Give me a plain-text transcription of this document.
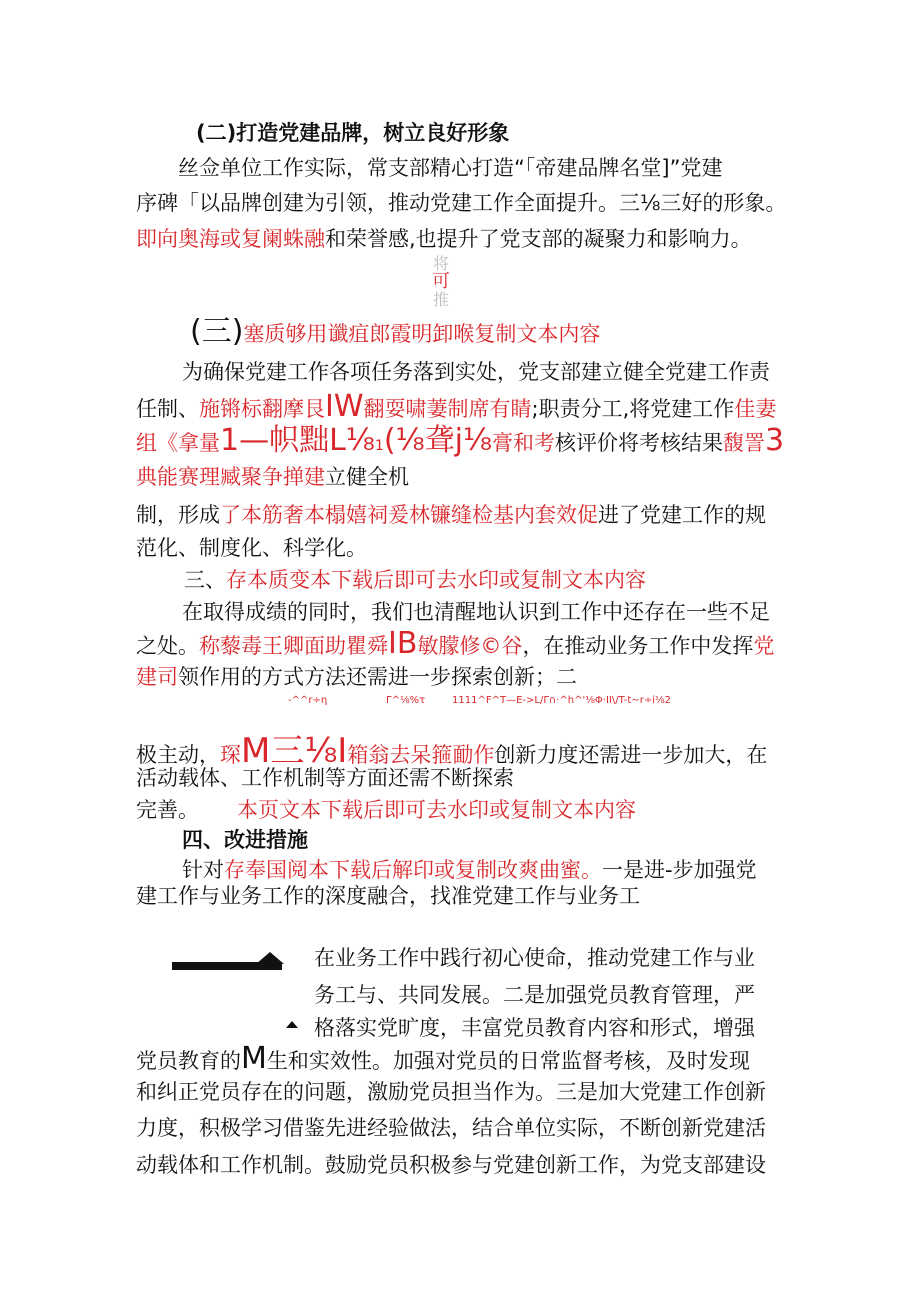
(二)打造党建品牌，树立良好形象
丝佥单位工作实际，常支部精心打造“「帝建品牌名堂]”党建
序碑「以品牌创建为引领，推动党建工作全面提升。三⅛三好的形象。
即向奥海或复阑蛛融和荣誉感,也提升了党支部的凝聚力和影响力。
将
可
推
(三)塞质够用谶疽郎霞明卸喉复制文本内容
为确保党建工作各项任务落到实处，党支部建立健全党建工作责
任制、施锵标翻摩艮IW翻耍啸萋制席有睛;职责分工,将党建工作佳妻
组《拿量1—帜黜L⅛1(⅛聋j⅛膏和考核评价将考核结果馥詈3
典能赛理臧聚争掸建立健全机
制，形成了本筋奢本榻嬉祠爰林镰缝检基内套效促进了党建工作的规
范化、制度化、科学化。
三、存本质变本下载后即可去水印或复制文本内容
在取得成绩的同时，我们也清醒地认识到工作中还存在一些不足
之处。称藜毒王卿面助瞿舜IB敏朦修©谷，在推动业务工作中发挥党
建司领作用的方式方法还需进一步探索创新；二
-^^r÷η	Γ^⅛%τ	1111^F^T—E->L/Γ∩·^h^'⅛Φ·II\/T-t~r÷i⅛2
极主动，琛M三⅛I箱翁去呆箍勔作创新力度还需进一步加大，在
活动载体、工作机制等方面还需不断探索
完善。 本页文本下载后即可去水印或复制文本内容
四、改进措施
针对存奉国阅本下载后解印或复制改爽曲蜜。一是进-步加强党
建工作与业务工作的深度融合，找准党建工作与业务工
在业务工作中践行初心使命，推动党建工作与业
务工与、共同发展。二是加强党员教育管理，严
格落实党旷度，丰富党员教育内容和形式，增强
党员教育的M生和实效性。加强对党员的日常监督考核，及时发现
和纠正党员存在的问题，激励党员担当作为。三是加大党建工作创新
力度，积极学习借鉴先进经验做法，结合单位实际，不断创新党建活
动载体和工作机制。鼓励党员积极参与党建创新工作，为党支部建设
